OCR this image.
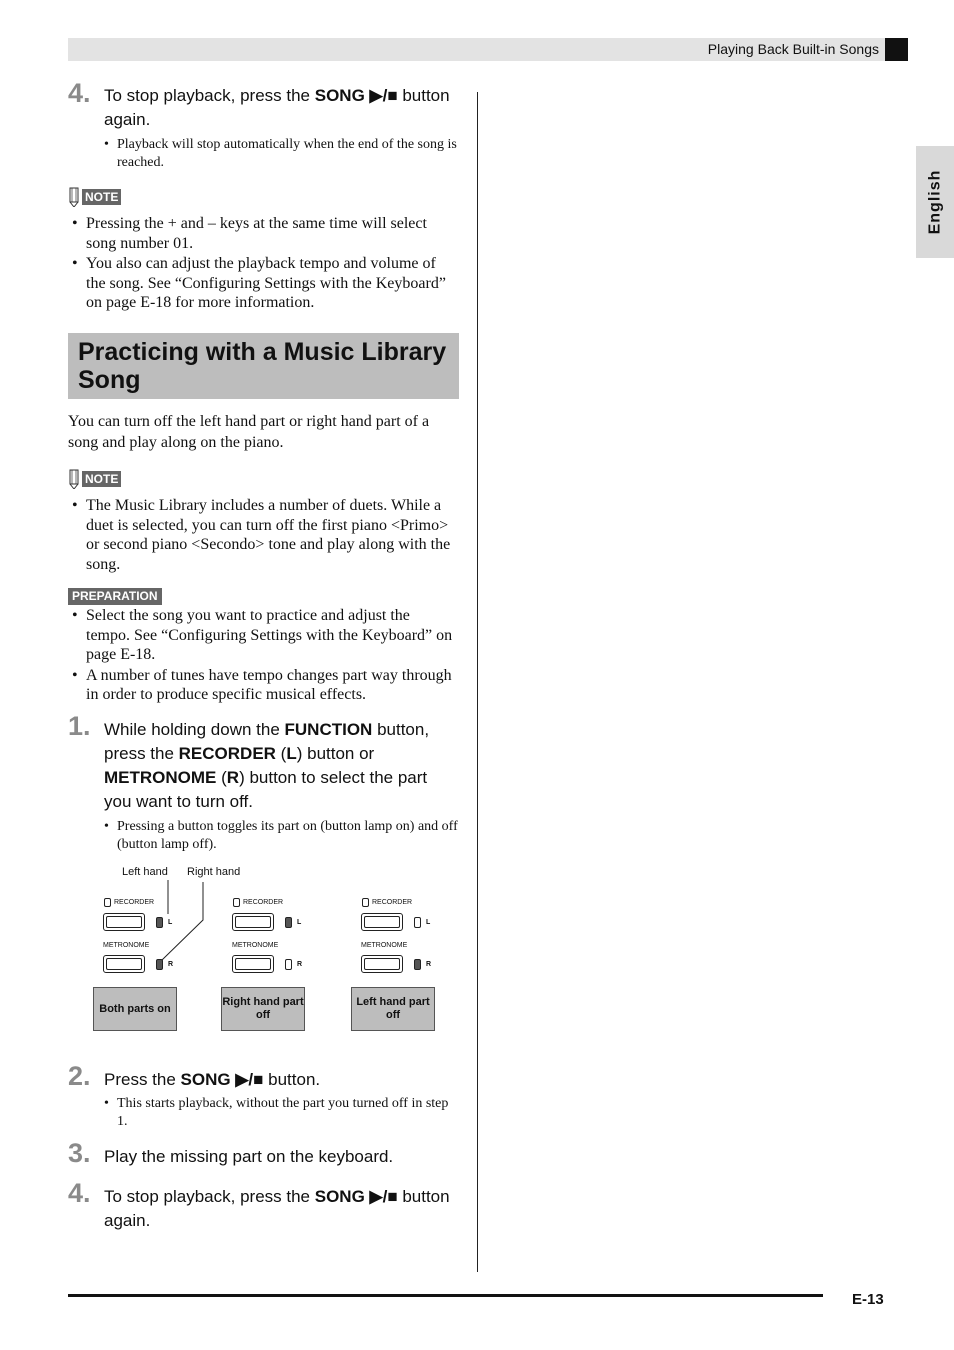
Playing Back Built-in Songs
English
4. To stop playback, press the SONG ▶/■ button again.
• Playback will stop automatically when the end of the song is reached.
NOTE
• Pressing the + and – keys at the same time will select song number 01.
• You also can adjust the playback tempo and volume of the song. See “Configuring Settings with the Keyboard” on page E-18 for more information.
Practicing with a Music Library Song
You can turn off the left hand part or right hand part of a song and play along on the piano.
NOTE
• The Music Library includes a number of duets. While a duet is selected, you can turn off the first piano <Primo> or second piano <Secondo> tone and play along with the song.
PREPARATION
• Select the song you want to practice and adjust the tempo. See “Configuring Settings with the Keyboard” on page E-18.
• A number of tunes have tempo changes part way through in order to produce specific musical effects.
1. While holding down the FUNCTION button, press the RECORDER (L) button or METRONOME (R) button to select the part you want to turn off.
• Pressing a button toggles its part on (button lamp on) and off (button lamp off).
Left hand Right hand
RECORDER
L
METRONOME
R
Both parts on
RECORDER
L
METRONOME
R
Right hand part off
RECORDER
L
METRONOME
R
Left hand part off
2. Press the SONG ▶/■ button.
• This starts playback, without the part you turned off in step 1.
3. Play the missing part on the keyboard.
4. To stop playback, press the SONG ▶/■ button again.
E-13
